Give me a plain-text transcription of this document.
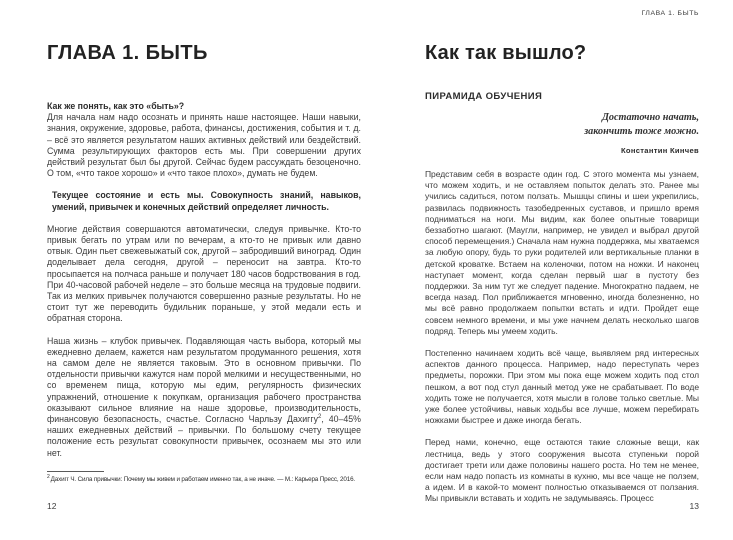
ГЛАВА 1. БЫТЬ
ГЛАВА 1. БЫТЬ

Как же понять, как это «быть»?
Для начала нам надо осознать и принять наше настоящее. Наши навыки, знания, окружение, здоровье, работа, финансы, достижения, события и т. д. – всё это является результатом наших активных действий или бездействий. Сумма результирующих факторов есть мы. При совершении других действий результат был бы другой. Сейчас будем рассуждать безоценочно. О том, «что такое хорошо» и «что такое плохо», думать не будем.

Текущее состояние и есть мы. Совокупность знаний, навыков, умений, привычек и конечных действий определяет личность.

Многие действия совершаются автоматически, следуя привычке. Кто-то привык бегать по утрам или по вечерам, а кто-то не привык или давно отвык. Один пьет свежевыжатый сок, другой – забродивший виноград. Один доделывает дела сегодня, другой – переносит на завтра. Кто-то просыпается на полчаса раньше и получает 180 часов бодрствования в год. При 40-часовой рабочей неделе – это больше месяца на трудовые подвиги. Так из мелких привычек получаются совершенно разные результаты. Но не стоит тут же переводить будильник пораньше, у этой медали есть и обратная сторона.

Наша жизнь – клубок привычек. Подавляющая часть выбора, который мы ежедневно делаем, кажется нам результатом продуманного решения, хотя на самом деле не является таковым. Это в основном привычки. По отдельности привычки кажутся нам порой мелкими и несущественными, но со временем пища, которую мы едим, регулярность физических упражнений, отношение к покупкам, организация рабочего пространства оказывают сильное влияние на наше здоровье, производительность, финансовую безопасность, счастье. Согласно Чарльзу Дахиггу$^2$, 40–45% наших ежедневных действий – привычки. По большому счету текущее положение есть результат совокупности привычек, осознаем мы это или нет.

$^2$Дахигг Ч. Сила привычки: Почему мы живем и работаем именно так, а не иначе. — М.: Карьера Пресс, 2016.
12
Как так вышло?
ПИРАМИДА ОБУЧЕНИЯ
Достаточно начать,
закончить тоже можно.
Константин Кинчев

Представим себя в возрасте один год. С этого момента мы узнаем, что можем ходить, и не оставляем попыток делать это. Ранее мы учились садиться, потом ползать. Мышцы спины и шеи укрепились, развилась подвижность тазобедренных суставов, и пришло время подниматься на ноги. Мы видим, как более опытные товарищи беззаботно шагают. (Маугли, например, не увидел и выбрал другой способ перемещения.) Сначала нам нужна поддержка, мы хватаемся за любую опору, будь то руки родителей или вертикальные планки в детской кроватке. Встаем на коленочки, потом на ножки. И наконец наступает момент, когда сделан первый шаг в пустоту без поддержки. За ним тут же следует падение. Многократно падаем, не всегда назад. Пол приближается мгновенно, иногда болезненно, но мы всё равно продолжаем попытки встать и идти. Пройдет еще совсем немного времени, и мы уже начнем делать несколько шагов подряд. Теперь мы умеем ходить.

Постепенно начинаем ходить всё чаще, выявляем ряд интересных аспектов данного процесса. Например, надо переступать через предметы, порожки. При этом мы пока еще можем ходить под стол пешком, а вот под стул данный метод уже не срабатывает. По воде ходить тоже не получается, хотя мысли в голове только светлые. Мы уже более устойчивы, навык ходьбы все лучше, можем перебирать ножками быстрее и даже иногда бегать.

Перед нами, конечно, еще остаются такие сложные вещи, как лестница, ведь у этого сооружения высота ступеньки порой достигает трети или даже половины нашего роста. Но тем не менее, если нам надо попасть из комнаты в кухню, мы все чаще не ползем, а идем. И в какой-то момент полностью отказываемся от ползания. Мы привыкли вставать и ходить не задумываясь. Процесс

13
